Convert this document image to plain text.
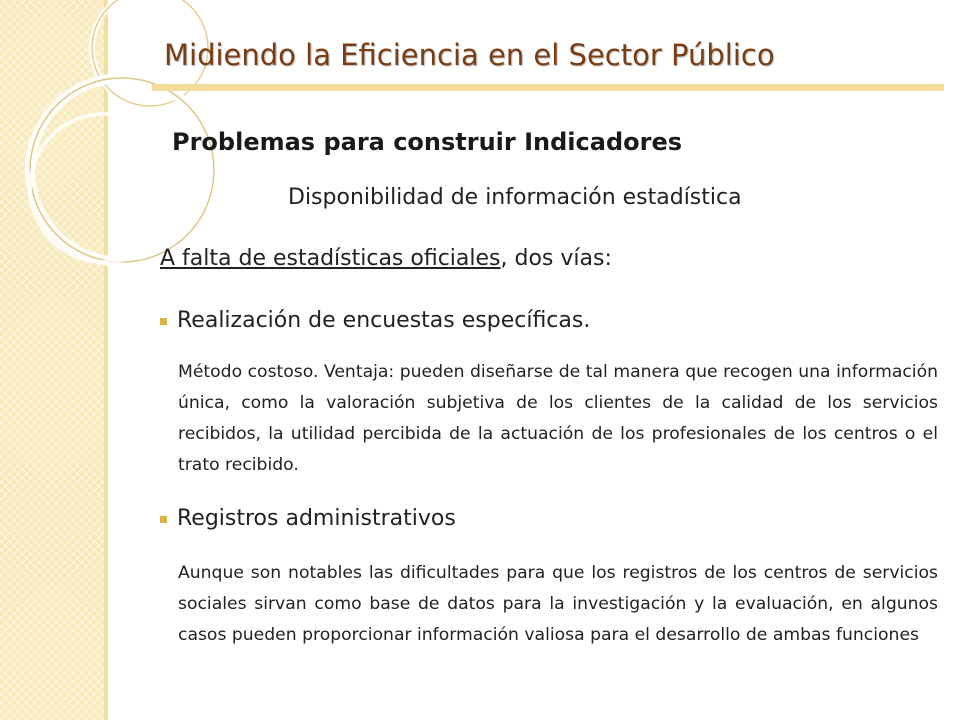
Midiendo la Eficiencia en el Sector Público
Problemas para construir Indicadores

Disponibilidad de información estadística

A falta de estadísticas oficiales, dos vías:

Realización de encuestas específicas.

Método costoso. Ventaja: pueden diseñarse de tal manera que recogen una información única, como la valoración subjetiva de los clientes de la calidad de los servicios recibidos, la utilidad percibida de la actuación de los profesionales de los centros o el trato recibido.

Registros administrativos

Aunque son notables las dificultades para que los registros de los centros de servicios sociales sirvan como base de datos para la investigación y la evaluación, en algunos casos pueden proporcionar información valiosa para el desarrollo de ambas funciones
